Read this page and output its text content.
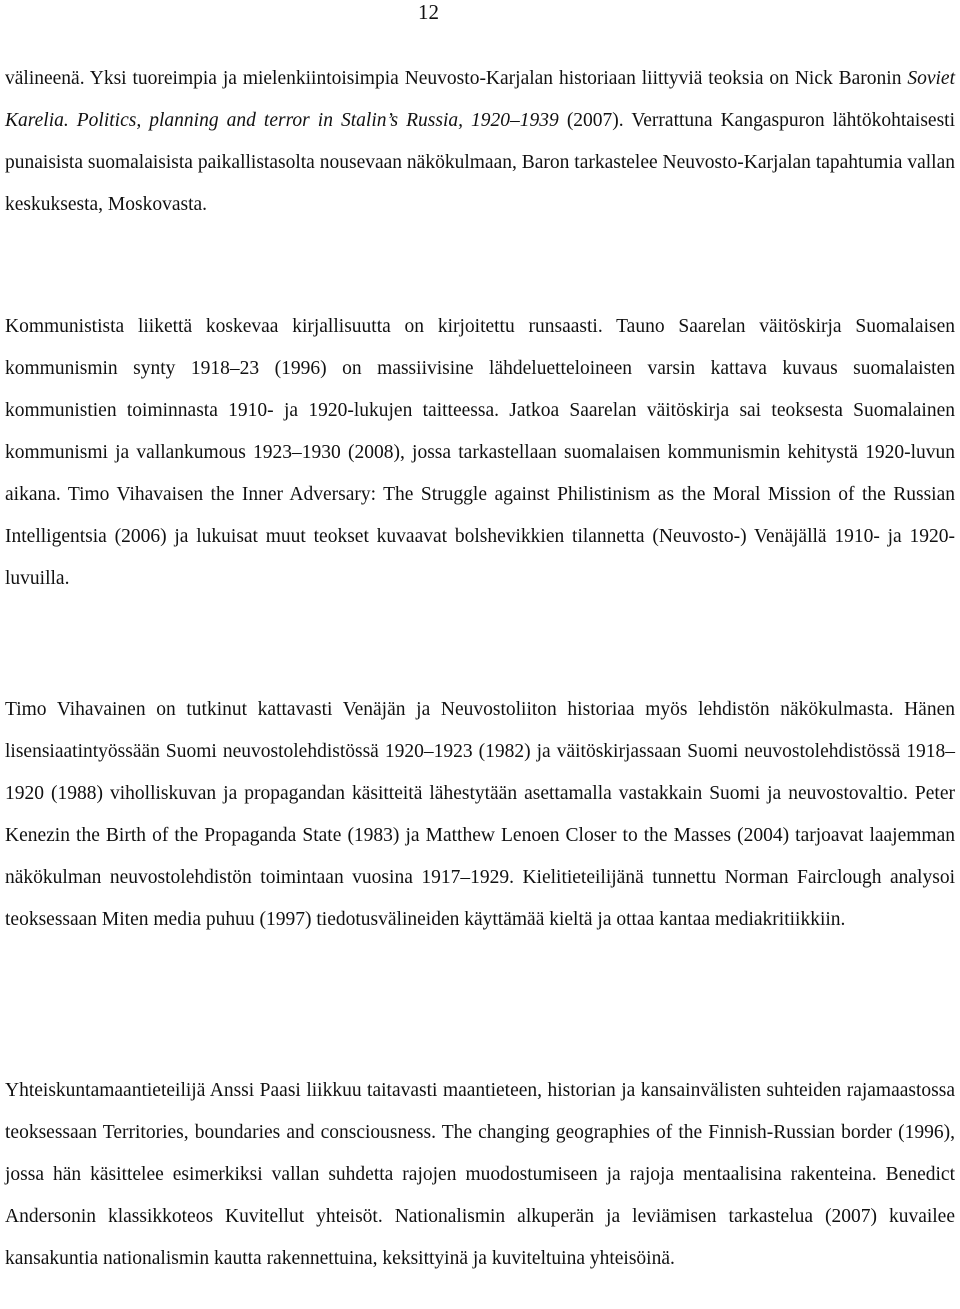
12

välineenä. Yksi tuoreimpia ja mielenkiintoisimpia Neuvosto-Karjalan historiaan liittyviä teoksia on Nick Baronin Soviet Karelia. Politics, planning and terror in Stalin’s Russia, 1920–1939 (2007). Verrattuna Kangaspuron lähtökohtaisesti punaisista suomalaisista paikallistasolta nousevaan näkökulmaan, Baron tarkastelee Neuvosto-Karjalan tapahtumia vallan keskuksesta, Moskovasta.

Kommunistista liikettä koskevaa kirjallisuutta on kirjoitettu runsaasti. Tauno Saarelan väitöskirja Suomalaisen kommunismin synty 1918–23 (1996) on massiivisine lähdeluetteloineen varsin kattava kuvaus suomalaisten kommunistien toiminnasta 1910- ja 1920-lukujen taitteessa. Jatkoa Saarelan väitöskirja sai teoksesta Suomalainen kommunismi ja vallankumous 1923–1930 (2008), jossa tarkastellaan suomalaisen kommunismin kehitystä 1920-luvun aikana. Timo Vihavaisen the Inner Adversary: The Struggle against Philistinism as the Moral Mission of the Russian Intelligentsia (2006) ja lukuisat muut teokset kuvaavat bolshevikkien tilannetta (Neuvosto-) Venäjällä 1910- ja 1920-luvuilla.

Timo Vihavainen on tutkinut kattavasti Venäjän ja Neuvostoliiton historiaa myös lehdistön näkökulmasta. Hänen lisensiaatintyössään Suomi neuvostolehdistössä 1920–1923 (1982) ja väitöskirjassaan Suomi neuvostolehdistössä 1918–1920 (1988) viholliskuvan ja propagandan käsitteitä lähestytään asettamalla vastakkain Suomi ja neuvostovaltio. Peter Kenezin the Birth of the Propaganda State (1983) ja Matthew Lenoen Closer to the Masses (2004) tarjoavat laajemman näkökulman neuvostolehdistön toimintaan vuosina 1917–1929. Kielitieteilijänä tunnettu Norman Fairclough analysoi teoksessaan Miten media puhuu (1997) tiedotusvälineiden käyttämää kieltä ja ottaa kantaa mediakritiikkiin.

Yhteiskuntamaantieteilijä Anssi Paasi liikkuu taitavasti maantieteen, historian ja kansainvälisten suhteiden rajamaastossa teoksessaan Territories, boundaries and consciousness. The changing geographies of the Finnish-Russian border (1996), jossa hän käsittelee esimerkiksi vallan suhdetta rajojen muodostumiseen ja rajoja mentaalisina rakenteina. Benedict Andersonin klassikkoteos Kuvitellut yhteisöt. Nationalismin alkuperän ja leviämisen tarkastelua (2007) kuvailee kansakuntia nationalismin kautta rakennettuina, keksittyinä ja kuviteltuina yhteisöinä.
